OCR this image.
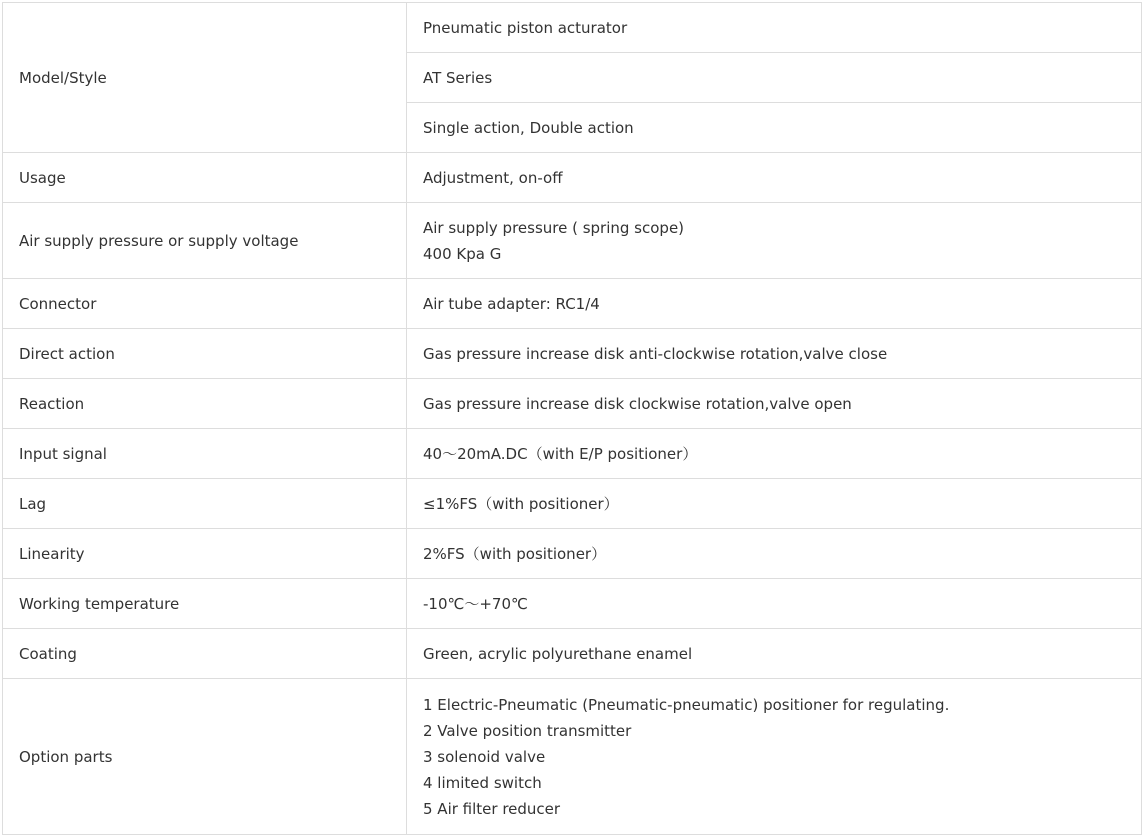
Model/Style	Pneumatic piston acturator
	AT Series
	Single action, Double action
Usage	Adjustment, on-off
Air supply pressure or supply voltage	Air supply pressure ( spring scope)
400 Kpa G

Connector	Air tube adapter: RC1/4
Direct action	Gas pressure increase disk anti-clockwise rotation,valve close
Reaction	Gas pressure increase disk clockwise rotation,valve open
Input signal	40～20mA.DC（with E/P positioner）
Lag	≤1%FS（with positioner）
Linearity	2%FS（with positioner）
Working temperature	-10℃～+70℃
Coating	Green, acrylic polyurethane enamel
Option parts	1 Electric-Pneumatic (Pneumatic-pneumatic) positioner for regulating.
2 Valve position transmitter
3 solenoid valve
4 limited switch
5 Air filter reducer
